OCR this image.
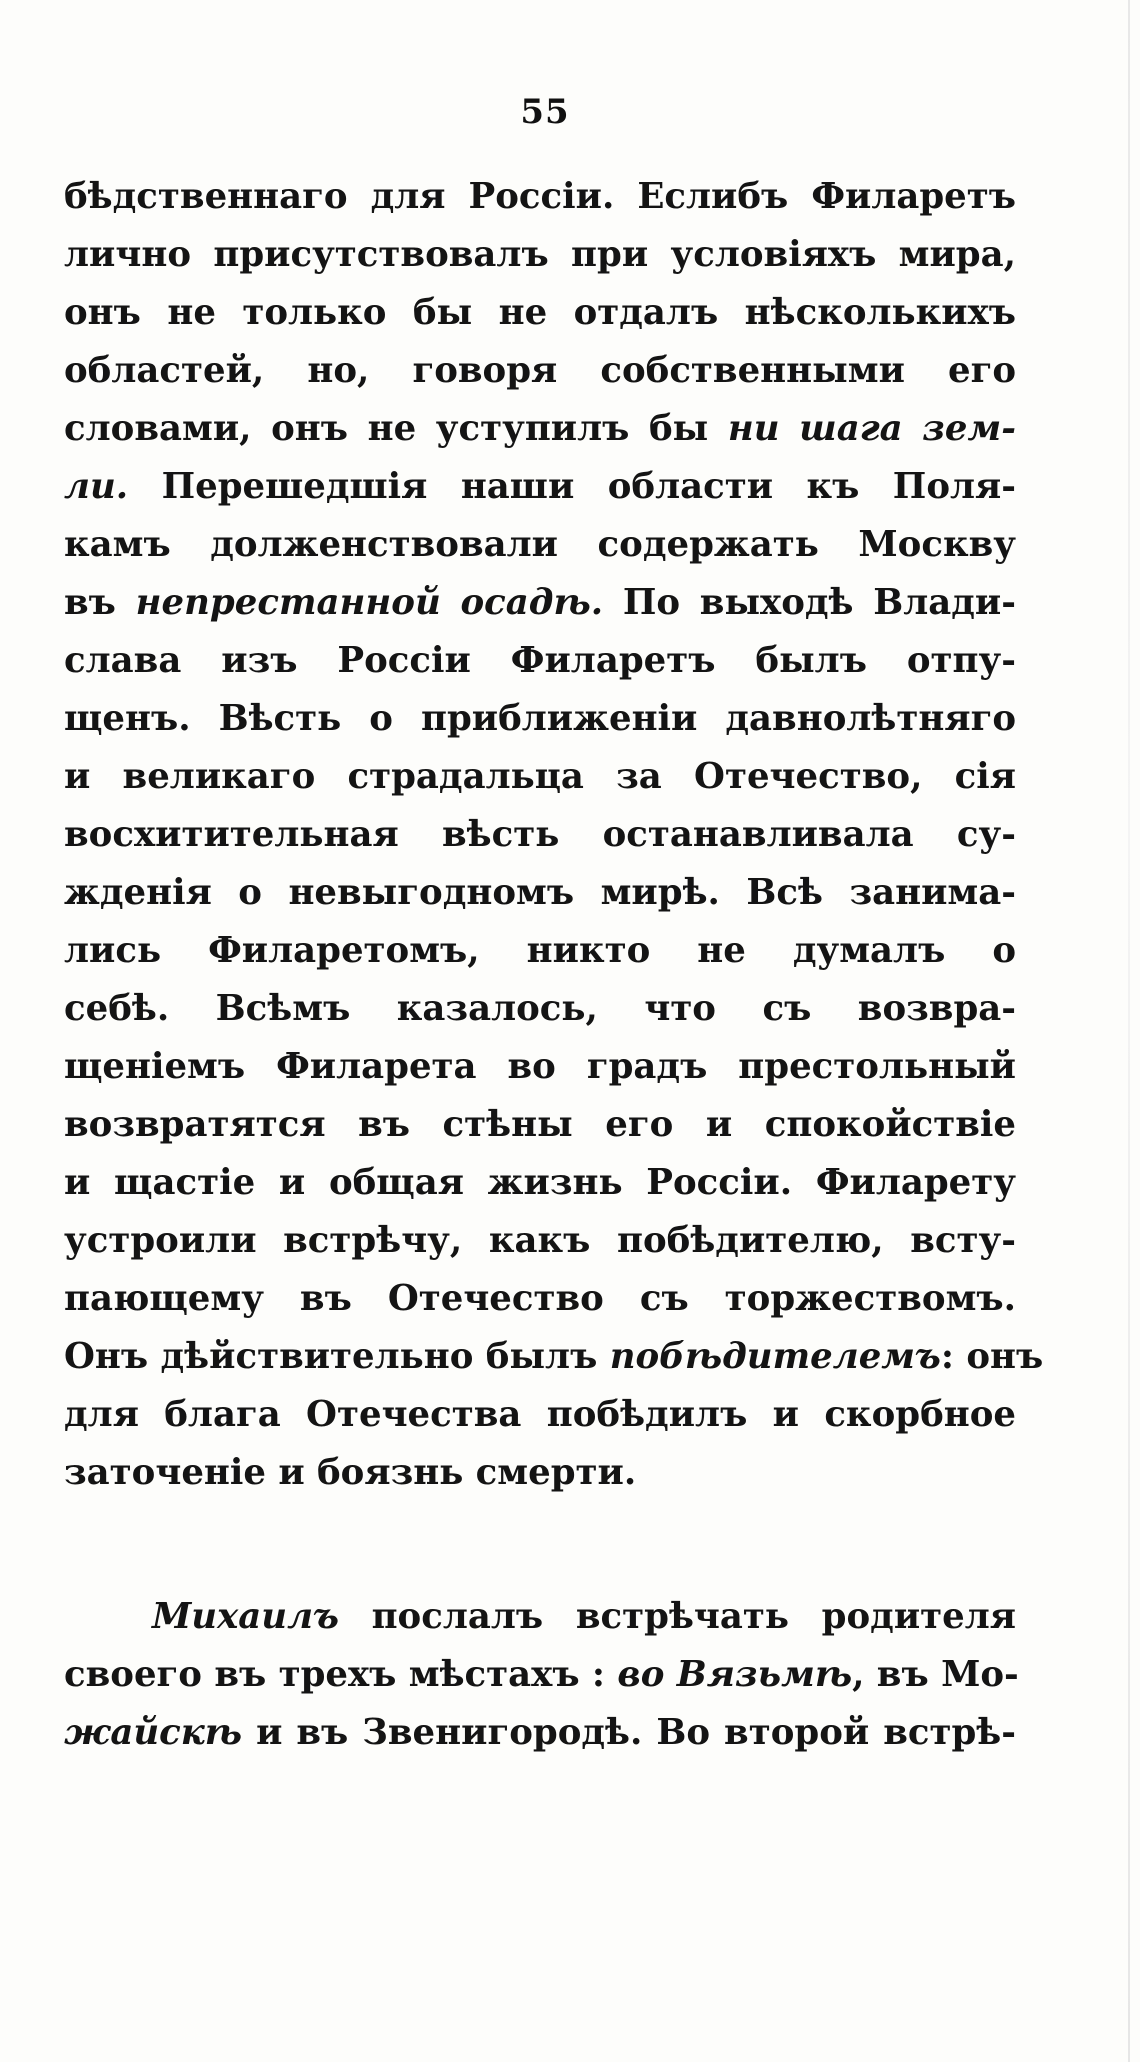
55
бѣдственнаго для Россіи. Еслибъ Филаретъ
лично присутствовалъ при условіяхъ мира,
онъ не только бы не отдалъ нѣсколькихъ
областей, но, говоря собственными его
словами, онъ не уступилъ бы ни шага зем-
ли. Перешедшія наши области къ Поля-
камъ долженствовали содержать Москву
въ непрестанной осадѣ. По выходѣ Влади-
слава изъ Россіи Филаретъ былъ отпу-
щенъ. Вѣсть о приближеніи давнолѣтняго
и великаго страдальца за Отечество, сія
восхитительная вѣсть останавливала су-
жденія о невыгодномъ мирѣ. Всѣ занима-
лись Филаретомъ, никто не думалъ о
себѣ. Всѣмъ казалось, что съ возвра-
щеніемъ Филарета во градъ престольный
возвратятся въ стѣны его и спокойствіе
и щастіе и общая жизнь Россіи. Филарету
устроили встрѣчу, какъ побѣдителю, всту-
пающему въ Отечество съ торжествомъ.
Онъ дѣйствительно былъ побѣдителемъ: онъ
для блага Отечества побѣдилъ и скорбное
заточеніе и боязнь смерти.
Михаилъ послалъ встрѣчать родителя
своего въ трехъ мѣстахъ : во Вязьмѣ, въ Мо-
жайскѣ и въ Звенигородѣ. Во второй встрѣ-
